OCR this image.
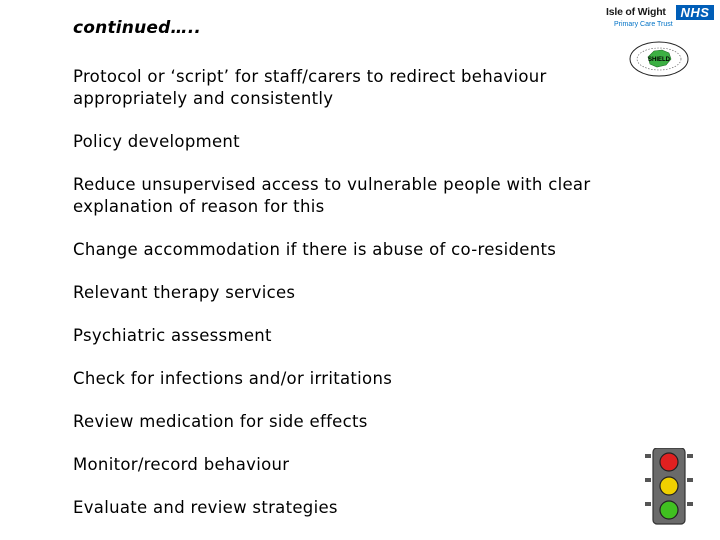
continued…..
Isle of Wight	NHS
Primary Care Trust
SHIELD
Protocol or ‘script’ for staff/carers to redirect behaviour
appropriately and consistently
Policy development
Reduce unsupervised access to vulnerable people with clear
explanation of reason for this
Change accommodation if there is abuse of co-residents
Relevant therapy services
Psychiatric assessment
Check for infections and/or irritations
Review medication for side effects
Monitor/record behaviour
Evaluate and review strategies
